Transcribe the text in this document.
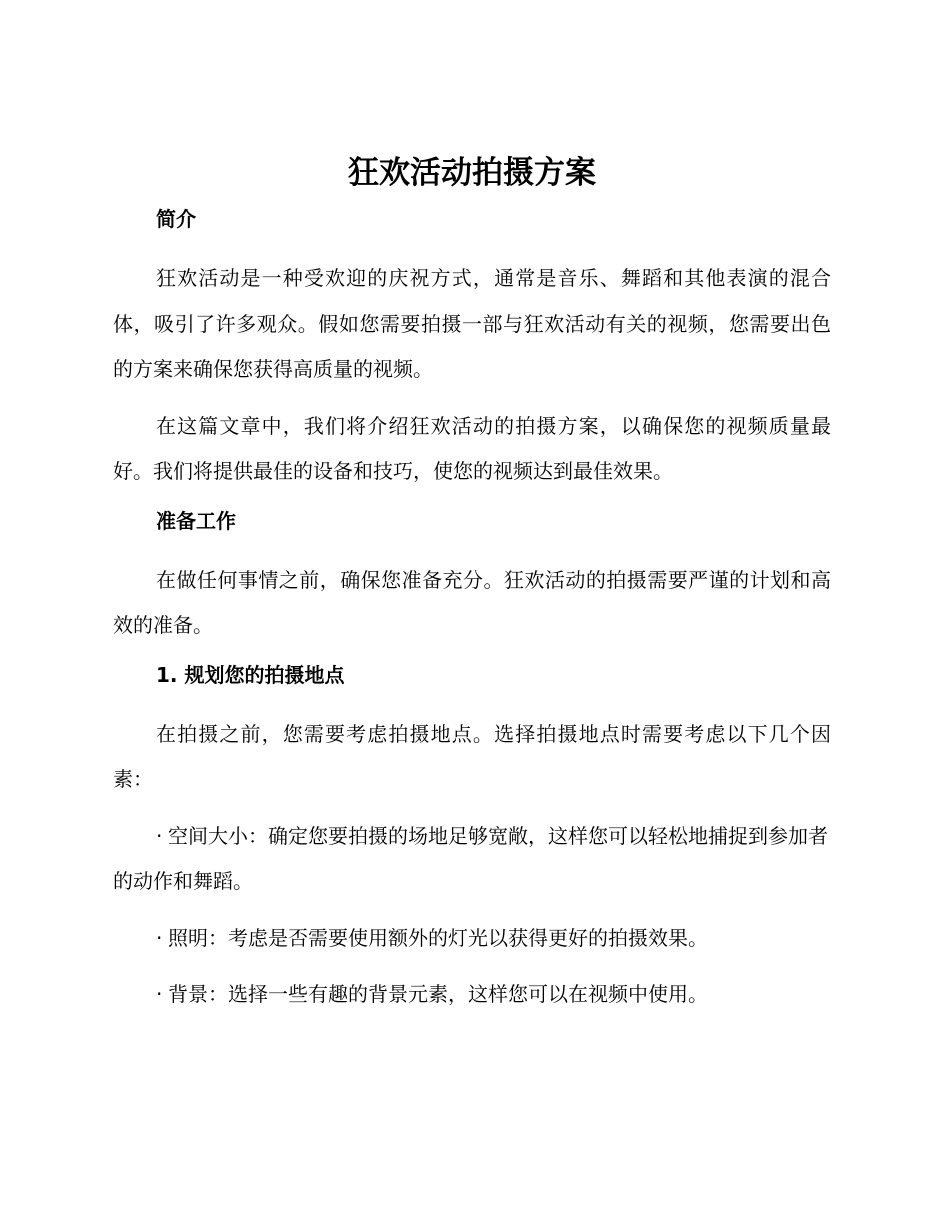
狂欢活动拍摄方案
简介

狂欢活动是一种受欢迎的庆祝方式，通常是音乐、舞蹈和其他表演的混合体，吸引了许多观众。假如您需要拍摄一部与狂欢活动有关的视频，您需要出色的方案来确保您获得高质量的视频。

在这篇文章中，我们将介绍狂欢活动的拍摄方案，以确保您的视频质量最好。我们将提供最佳的设备和技巧，使您的视频达到最佳效果。

准备工作

在做任何事情之前，确保您准备充分。狂欢活动的拍摄需要严谨的计划和高效的准备。

1. 规划您的拍摄地点

在拍摄之前，您需要考虑拍摄地点。选择拍摄地点时需要考虑以下几个因素：

· 空间大小：确定您要拍摄的场地足够宽敞，这样您可以轻松地捕捉到参加者的动作和舞蹈。

· 照明：考虑是否需要使用额外的灯光以获得更好的拍摄效果。

· 背景：选择一些有趣的背景元素，这样您可以在视频中使用。
